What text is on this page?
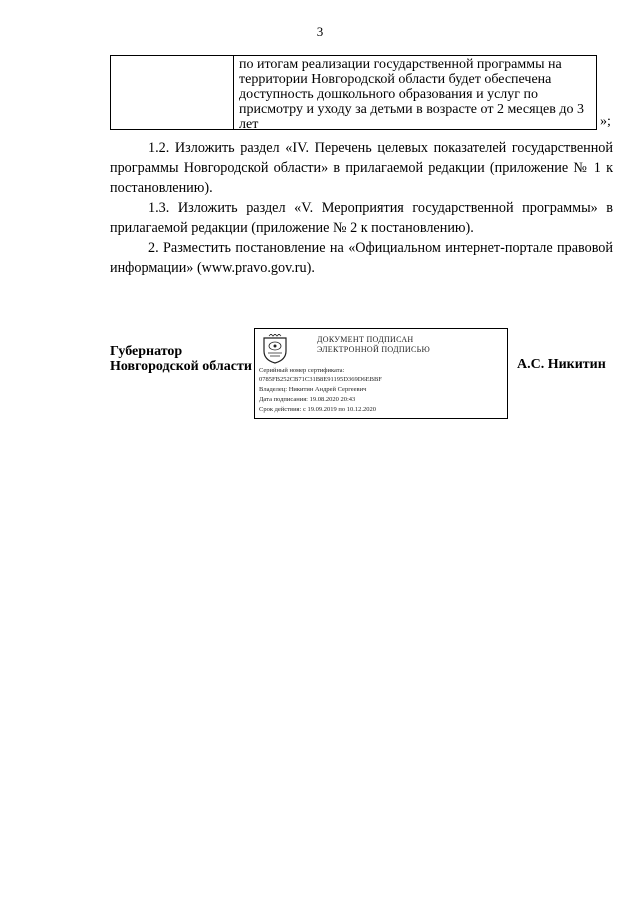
3
по итогам реализации государственной программы на территории Новгородской области будет обеспечена доступность дошкольного образования и услуг по присмотру и уходу за детьми в возрасте от 2 месяцев до 3 лет	»;

1.2. Изложить раздел «IV. Перечень целевых показателей государственной программы Новгородской области» в прилагаемой редакции (приложение № 1 к постановлению).

1.3. Изложить раздел «V. Мероприятия государственной программы» в прилагаемой редакции (приложение № 2 к постановлению).

2. Разместить постановление на «Официальном интернет-портале правовой информации» (www.pravo.gov.ru).

Губернатор
Новгородской области
ДОКУМЕНТ ПОДПИСАН
ЭЛЕКТРОННОЙ ПОДПИСЬЮ
Серийный номер сертификата:
0785FB252CB71C31B8E91195D369D6EBBF
Владелец: Никитин Андрей Сергеевич
Дата подписания: 19.08.2020 20:43
Срок действия: с 19.09.2019 по 10.12.2020
А.С. Никитин
